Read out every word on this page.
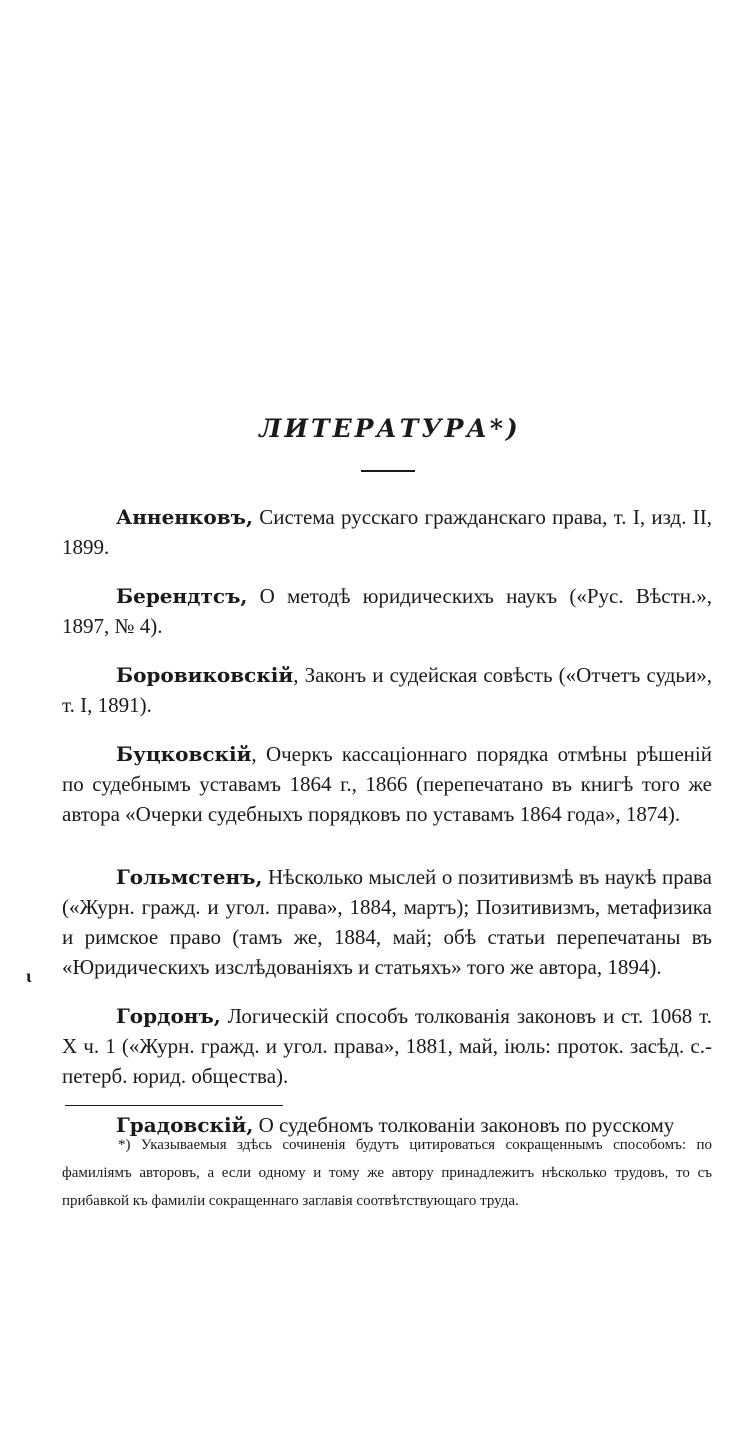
ЛИТЕРАТУРА*)
ι

Анненковъ, Система русскаго гражданскаго права, т. I, изд. II, 1899.

Берендтсъ, О методѣ юридическихъ наукъ («Рус. Вѣстн.», 1897, № 4).

Боровиковскій, Законъ и судейская совѣсть («Отчетъ судьи», т. I, 1891).

Буцковскій, Очеркъ кассаціоннаго порядка отмѣны рѣшеній по судебнымъ уставамъ 1864 г., 1866 (перепечатано въ книгѣ того же автора «Очерки судебныхъ порядковъ по уставамъ 1864 года», 1874).

Гольмстенъ, Нѣсколько мыслей о позитивизмѣ въ наукѣ права («Журн. гражд. и угол. права», 1884, мартъ); Позитивизмъ, метафизика и римское право (тамъ же, 1884, май; обѣ статьи перепечатаны въ «Юридическихъ изслѣдованіяхъ и статьяхъ» того же автора, 1894).

Гордонъ, Логическій способъ толкованія законовъ и ст. 1068 т. X ч. 1 («Журн. гражд. и угол. права», 1881, май, іюль: проток. засѣд. с.-петерб. юрид. общества).

Градовскій, О судебномъ толкованіи законовъ по русскому

*) Указываемыя здѣсь сочиненія будутъ цитироваться сокращеннымъ способомъ: по фамиліямъ авторовъ, а если одному и тому же автору принадлежитъ нѣсколько трудовъ, то съ прибавкой къ фамиліи сокращеннаго заглавія соотвѣтствующаго труда.
